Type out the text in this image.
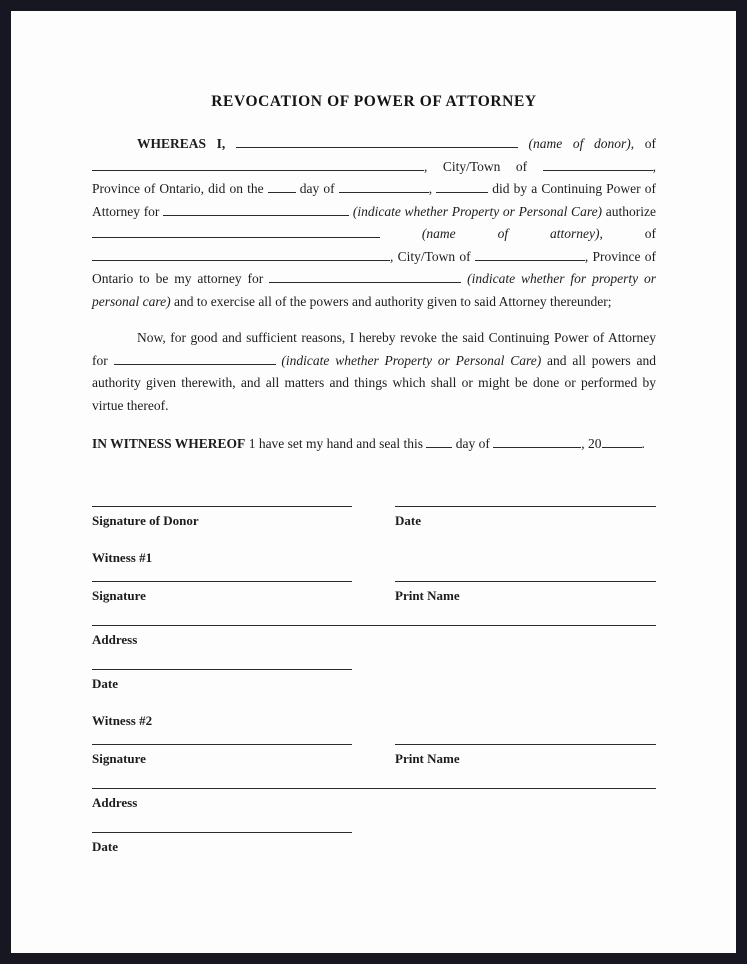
REVOCATION OF POWER OF ATTORNEY

WHEREAS I,	(name of donor), of , City/Town of	, Province of Ontario, did on the  day of	,	did by a Continuing Power of Attorney for	(indicate whether Property or Personal Care) authorize  (name of attorney), of , City/Town of	, Province of Ontario to be my attorney for	(indicate whether for property or personal care) and to exercise all of the powers and authority given to said Attorney thereunder;

Now, for good and sufficient reasons, I hereby revoke the said Continuing Power of Attorney for	(indicate whether Property or Personal Care) and all powers and authority given therewith, and all matters and things which shall or might be done or performed by virtue thereof.

IN WITNESS WHEREOF 1 have set my hand and seal this  day of	, 20	.

Signature of Donor	Date
Witness #1
Signature	Print Name
Address
Date
Witness #2
Signature	Print Name
Address
Date
